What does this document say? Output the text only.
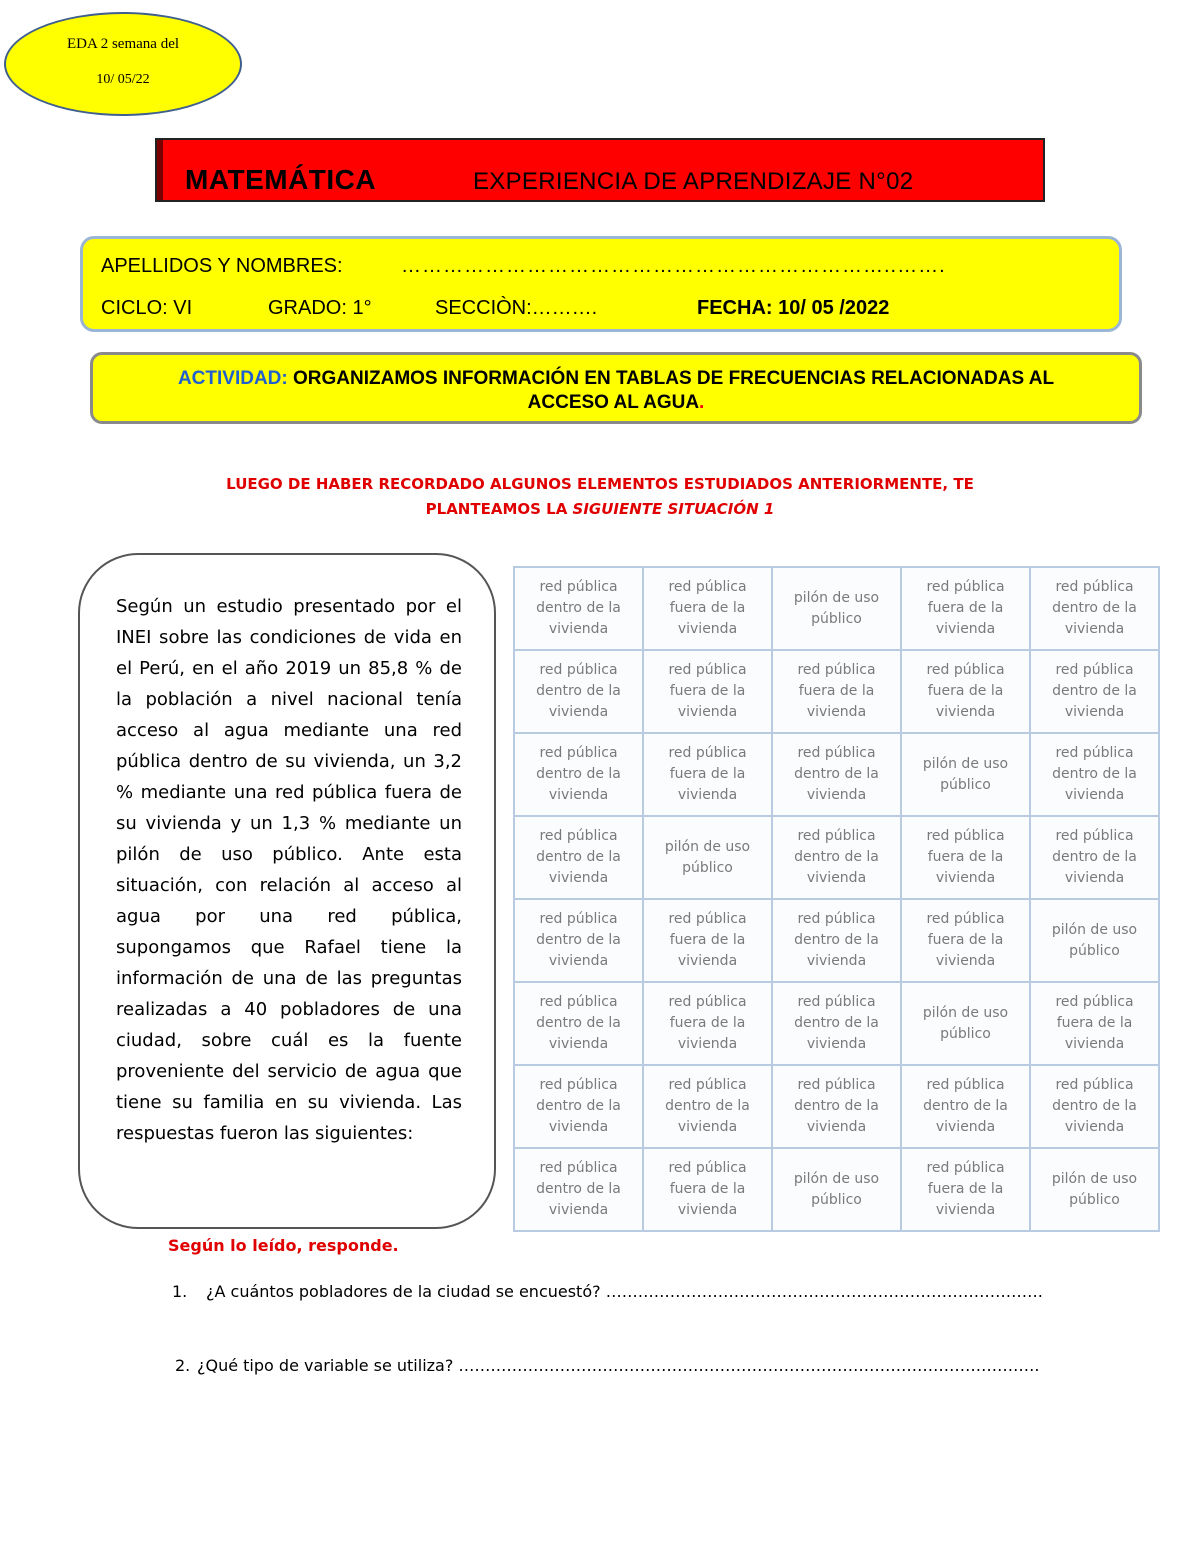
EDA 2 semana del
10/ 05/22
MATEMÁTICA	EXPERIENCIA DE APRENDIZAJE N°02
APELLIDOS Y NOMBRES:	……………………………………………………………..…….
CICLO: VI	GRADO: 1°	SECCIÒN:……….	FECHA: 10/ 05 /2022
ACTIVIDAD: ORGANIZAMOS INFORMACIÓN EN TABLAS DE FRECUENCIAS RELACIONADAS AL
ACCESO AL AGUA.
LUEGO DE HABER RECORDADO ALGUNOS ELEMENTOS ESTUDIADOS ANTERIORMENTE, TE
PLANTEAMOS LA SIGUIENTE SITUACIÓN 1
Según un estudio presentado por el INEI sobre las condiciones de vida en el Perú, en el año 2019 un 85,8 % de la población a nivel nacional tenía acceso al agua mediante una red pública dentro de su vivienda, un 3,2 % mediante una red pública fuera de su vivienda y un 1,3 % mediante un pilón de uso público. Ante esta situación, con relación al acceso al agua por una red pública, supongamos que Rafael tiene la información de una de las preguntas realizadas a 40 pobladores de una ciudad, sobre cuál es la fuente proveniente del servicio de agua que tiene su familia en su vivienda. Las respuestas fueron las siguientes:
red pública
dentro de la
vivienda	red pública
fuera de la
vivienda	pilón de uso
público	red pública
fuera de la
vivienda	red pública
dentro de la
vivienda
red pública
dentro de la
vivienda	red pública
fuera de la
vivienda	red pública
fuera de la
vivienda	red pública
fuera de la
vivienda	red pública
dentro de la
vivienda
red pública
dentro de la
vivienda	red pública
fuera de la
vivienda	red pública
dentro de la
vivienda	pilón de uso
público	red pública
dentro de la
vivienda
red pública
dentro de la
vivienda	pilón de uso
público	red pública
dentro de la
vivienda	red pública
fuera de la
vivienda	red pública
dentro de la
vivienda
red pública
dentro de la
vivienda	red pública
fuera de la
vivienda	red pública
dentro de la
vivienda	red pública
fuera de la
vivienda	pilón de uso
público
red pública
dentro de la
vivienda	red pública
fuera de la
vivienda	red pública
dentro de la
vivienda	pilón de uso
público	red pública
fuera de la
vivienda
red pública
dentro de la
vivienda	red pública
dentro de la
vivienda	red pública
dentro de la
vivienda	red pública
dentro de la
vivienda	red pública
dentro de la
vivienda
red pública
dentro de la
vivienda	red pública
fuera de la
vivienda	pilón de uso
público	red pública
fuera de la
vivienda	pilón de uso
público
Según lo leído, responde.
1. ¿A cuántos pobladores de la ciudad se encuestó? ……………………………………………………………………….
2. ¿Qué tipo de variable se utiliza? ……………………………………………………………………………………………….
